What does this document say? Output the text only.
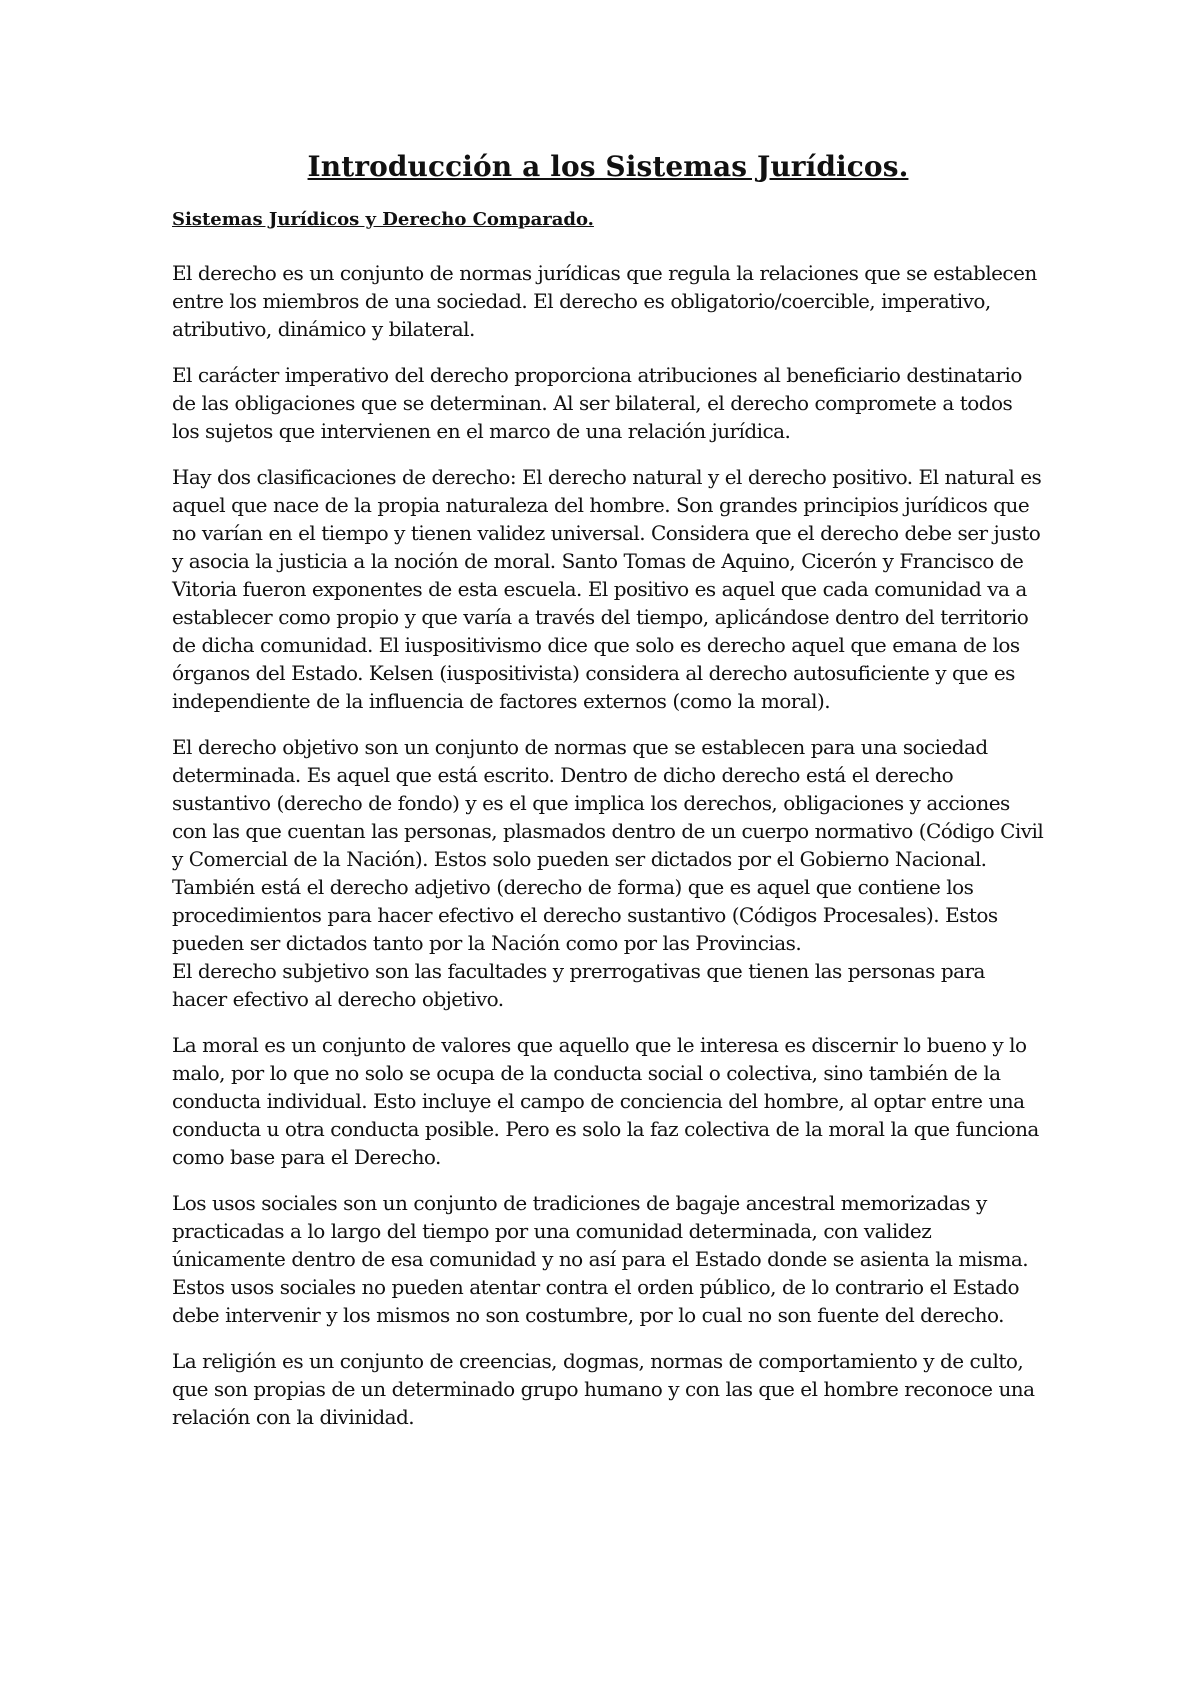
Introducción a los Sistemas Jurídicos.
Sistemas Jurídicos y Derecho Comparado.

El derecho es un conjunto de normas jurídicas que regula la relaciones que se establecen entre los miembros de una sociedad. El derecho es obligatorio/coercible, imperativo, atributivo, dinámico y bilateral.

El carácter imperativo del derecho proporciona atribuciones al beneficiario destinatario de las obligaciones que se determinan. Al ser bilateral, el derecho compromete a todos los sujetos que intervienen en el marco de una relación jurídica.

Hay dos clasificaciones de derecho: El derecho natural y el derecho positivo. El natural es aquel que nace de la propia naturaleza del hombre. Son grandes principios jurídicos que no varían en el tiempo y tienen validez universal. Considera que el derecho debe ser justo y asocia la justicia a la noción de moral. Santo Tomas de Aquino, Cicerón y Francisco de Vitoria fueron exponentes de esta escuela. El positivo es aquel que cada comunidad va a establecer como propio y que varía a través del tiempo, aplicándose dentro del territorio de dicha comunidad. El iuspositivismo dice que solo es derecho aquel que emana de los órganos del Estado. Kelsen (iuspositivista) considera al derecho autosuficiente y que es independiente de la influencia de factores externos (como la moral).

El derecho objetivo son un conjunto de normas que se establecen para una sociedad determinada. Es aquel que está escrito. Dentro de dicho derecho está el derecho sustantivo (derecho de fondo) y es el que implica los derechos, obligaciones y acciones con las que cuentan las personas, plasmados dentro de un cuerpo normativo (Código Civil y Comercial de la Nación). Estos solo pueden ser dictados por el Gobierno Nacional. También está el derecho adjetivo (derecho de forma) que es aquel que contiene los procedimientos para hacer efectivo el derecho sustantivo (Códigos Procesales). Estos pueden ser dictados tanto por la Nación como por las Provincias.

El derecho subjetivo son las facultades y prerrogativas que tienen las personas para hacer efectivo al derecho objetivo.

La moral es un conjunto de valores que aquello que le interesa es discernir lo bueno y lo malo, por lo que no solo se ocupa de la conducta social o colectiva, sino también de la conducta individual. Esto incluye el campo de conciencia del hombre, al optar entre una conducta u otra conducta posible. Pero es solo la faz colectiva de la moral la que funciona como base para el Derecho.

Los usos sociales son un conjunto de tradiciones de bagaje ancestral memorizadas y practicadas a lo largo del tiempo por una comunidad determinada, con validez únicamente dentro de esa comunidad y no así para el Estado donde se asienta la misma. Estos usos sociales no pueden atentar contra el orden público, de lo contrario el Estado debe intervenir y los mismos no son costumbre, por lo cual no son fuente del derecho.

La religión es un conjunto de creencias, dogmas, normas de comportamiento y de culto, que son propias de un determinado grupo humano y con las que el hombre reconoce una relación con la divinidad.
